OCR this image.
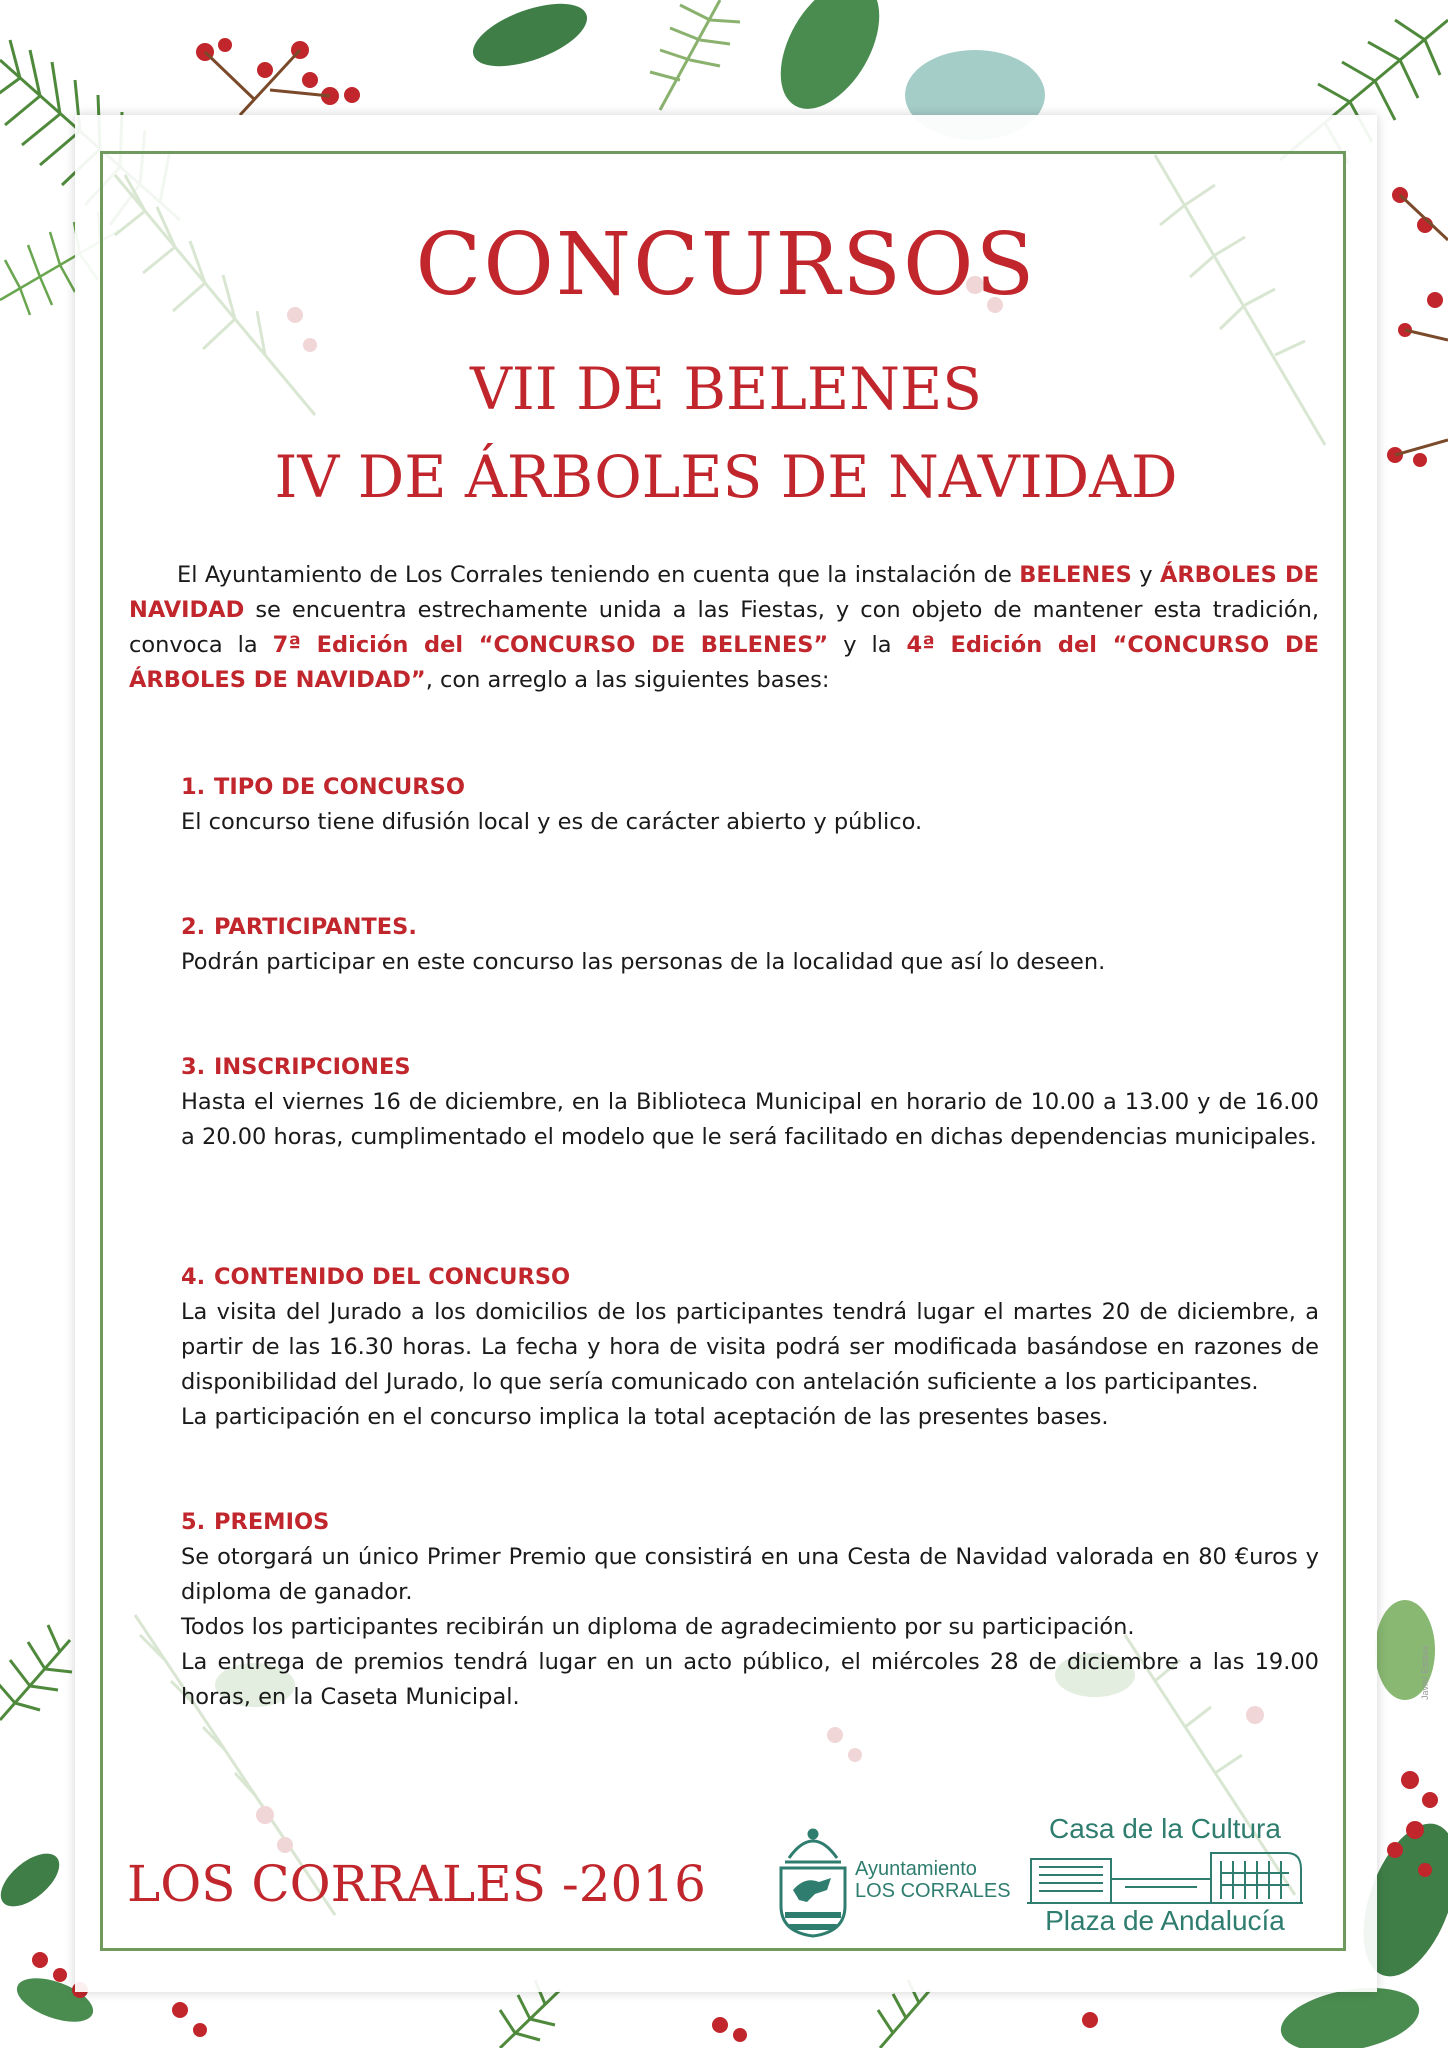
CONCURSOS
VII DE BELENES
IV DE ÁRBOLES DE NAVIDAD

El Ayuntamiento de Los Corrales teniendo en cuenta que la instalación de BELENES y ÁRBOLES DE NAVIDAD se encuentra estrechamente unida a las Fiestas, y con objeto de mantener esta tradición, convoca la 7ª Edición del “CONCURSO DE BELENES” y la 4ª Edición del “CONCURSO DE ÁRBOLES DE NAVIDAD”, con arreglo a las siguientes bases:

1. TIPO DE CONCURSO

El concurso tiene difusión local y es de carácter abierto y público.

2. PARTICIPANTES.

Podrán participar en este concurso las personas de la localidad que así lo deseen.

3. INSCRIPCIONES

Hasta el viernes 16 de diciembre, en la Biblioteca Municipal en horario de 10.00 a 13.00 y de 16.00 a 20.00 horas, cumplimentado el modelo que le será facilitado en dichas dependencias municipales.

4. CONTENIDO DEL CONCURSO

La visita del Jurado a los domicilios de los participantes tendrá lugar el martes 20 de diciembre, a partir de las 16.30 horas. La fecha y hora de visita podrá ser modificada basándose en razones de disponibilidad del Jurado, lo que sería comunicado con antelación suficiente a los participantes.

La participación en el concurso implica la total aceptación de las presentes bases.

5. PREMIOS

Se otorgará un único Primer Premio que consistirá en una Cesta de Navidad valorada en 80 €uros y diploma de ganador.

Todos los participantes recibirán un diploma de agradecimiento por su participación.

La entrega de premios tendrá lugar en un acto público, el miércoles 28 de diciembre a las 19.00 horas, en la Caseta Municipal.

LOS CORRALES -2016	Ayuntamiento
LOS CORRALES
Casa de la Cultura
Plaza de Andalucía
Javier Estava
